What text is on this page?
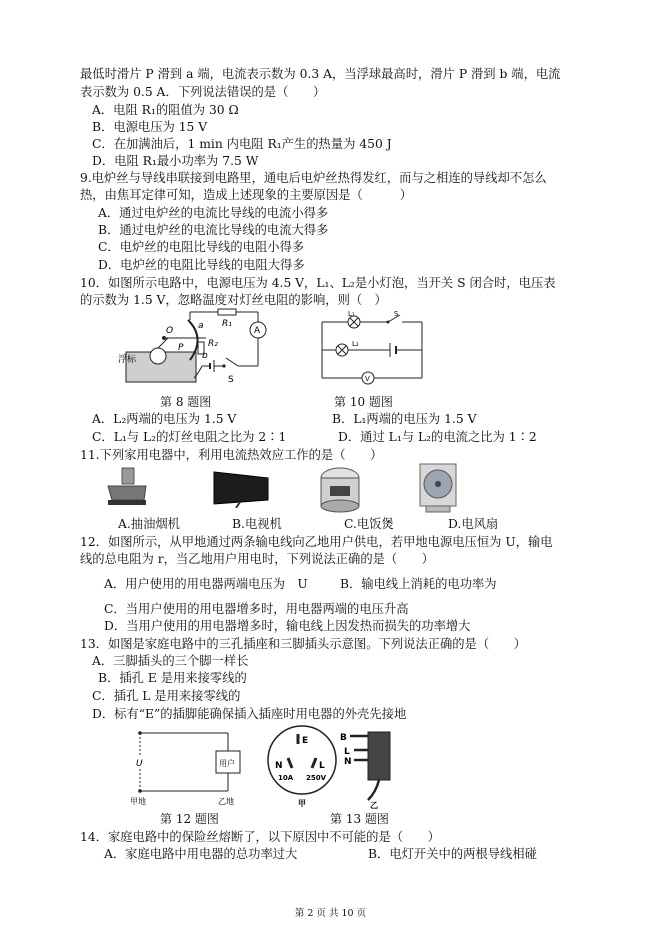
最低时滑片 P 滑到 a 端，电流表示数为 0.3 A，当浮球最高时，滑片 P 滑到 b 端，电流
表示数为 0.5 A．下列说法错误的是（　　）
A．电阻 R₁的阻值为 30 Ω
B．电源电压为 15 V
C．在加满油后，1 min 内电阻 R₁产生的热量为 450 J
D．电阻 R₁最小功率为 7.5 W
9.电炉丝与导线串联接到电路里，通电后电炉丝热得发红，而与之相连的导线却不怎么
热，由焦耳定律可知，造成上述现象的主要原因是（　　　）
A．通过电炉丝的电流比导线的电流小得多
B．通过电炉丝的电流比导线的电流大得多
C．电炉丝的电阻比导线的电阻小得多
D．电炉丝的电阻比导线的电阻大得多
10．如图所示电路中，电源电压为 4.5 V，L₁、L₂是小灯泡，当开关 S 闭合时，电压表
的示数为 1.5 V，忽略温度对灯丝电阻的影响，则（　）
浮标
O	a
b
P
R₁
R₂
S
A
第 8 题图
L₁	S
L₂
V
第 10 题图
A．L₂两端的电压为 1.5 V	B．L₁两端的电压为 1.5 V
C．L₁与 L₂的灯丝电阻之比为 2∶1	D．通过 L₁与 L₂的电流之比为 1∶2
11.下列家用电器中，利用电流热效应工作的是（　　）
A.抽油烟机	B.电视机	C.电饭煲	D.电风扇
12．如图所示，从甲地通过两条输电线向乙地用户供电，若甲地电源电压恒为 U，输电
线的总电阻为 r，当乙地用户用电时，下列说法正确的是（　　）
A．用户使用的用电器两端电压为　U	B．输电线上消耗的电功率为
C．当用户使用的用电器增多时，用电器两端的电压升高
D．当用户使用的用电器增多时，输电线上因发热而损失的功率增大
13．如图是家庭电路中的三孔插座和三脚插头示意图。下列说法正确的是（　　）
A．三脚插头的三个脚一样长
B．插孔 E 是用来接零线的
C．插孔 L 是用来接零线的
D．标有“E”的插脚能确保插入插座时用电器的外壳先接地
U	用户
甲地	乙地
第 12 题图
E
N	L
10A 250V
甲
B
L
N
乙
第 13 题图
14．家庭电路中的保险丝熔断了，以下原因中不可能的是（　　）
A．家庭电路中用电器的总功率过大	B．电灯开关中的两根导线相碰
第 2 页 共 10 页
